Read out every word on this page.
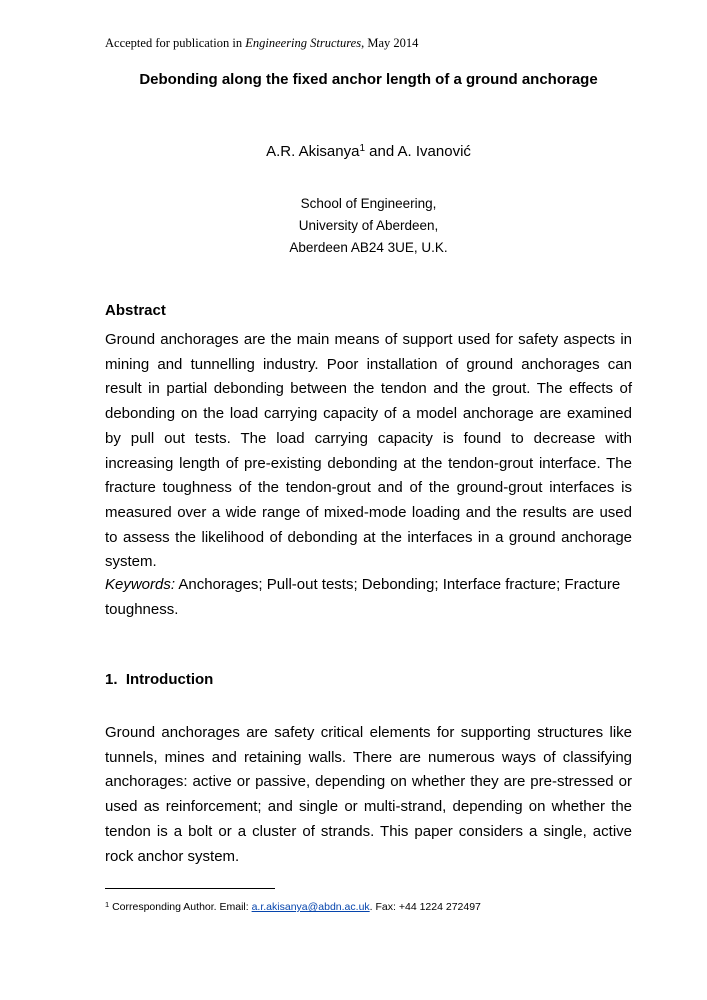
Accepted for publication in Engineering Structures, May 2014
Debonding along the fixed anchor length of a ground anchorage
A.R. Akisanya$^1$ and A. Ivanović
School of Engineering,
University of Aberdeen,
Aberdeen AB24 3UE, U.K.
Abstract
Ground anchorages are the main means of support used for safety aspects in mining and tunnelling industry. Poor installation of ground anchorages can result in partial debonding between the tendon and the grout. The effects of debonding on the load carrying capacity of a model anchorage are examined by pull out tests. The load carrying capacity is found to decrease with increasing length of pre-existing debonding at the tendon-grout interface. The fracture toughness of the tendon-grout and of the ground-grout interfaces is measured over a wide range of mixed-mode loading and the results are used to assess the likelihood of debonding at the interfaces in a ground anchorage system.
Keywords: Anchorages; Pull-out tests; Debonding; Interface fracture; Fracture toughness.
1.  Introduction
Ground anchorages are safety critical elements for supporting structures like tunnels, mines and retaining walls. There are numerous ways of classifying anchorages: active or passive, depending on whether they are pre-stressed or used as reinforcement; and single or multi-strand, depending on whether the tendon is a bolt or a cluster of strands. This paper considers a single, active rock anchor system.
$^1$ Corresponding Author. Email: a.r.akisanya@abdn.ac.uk. Fax: +44 1224 272497
